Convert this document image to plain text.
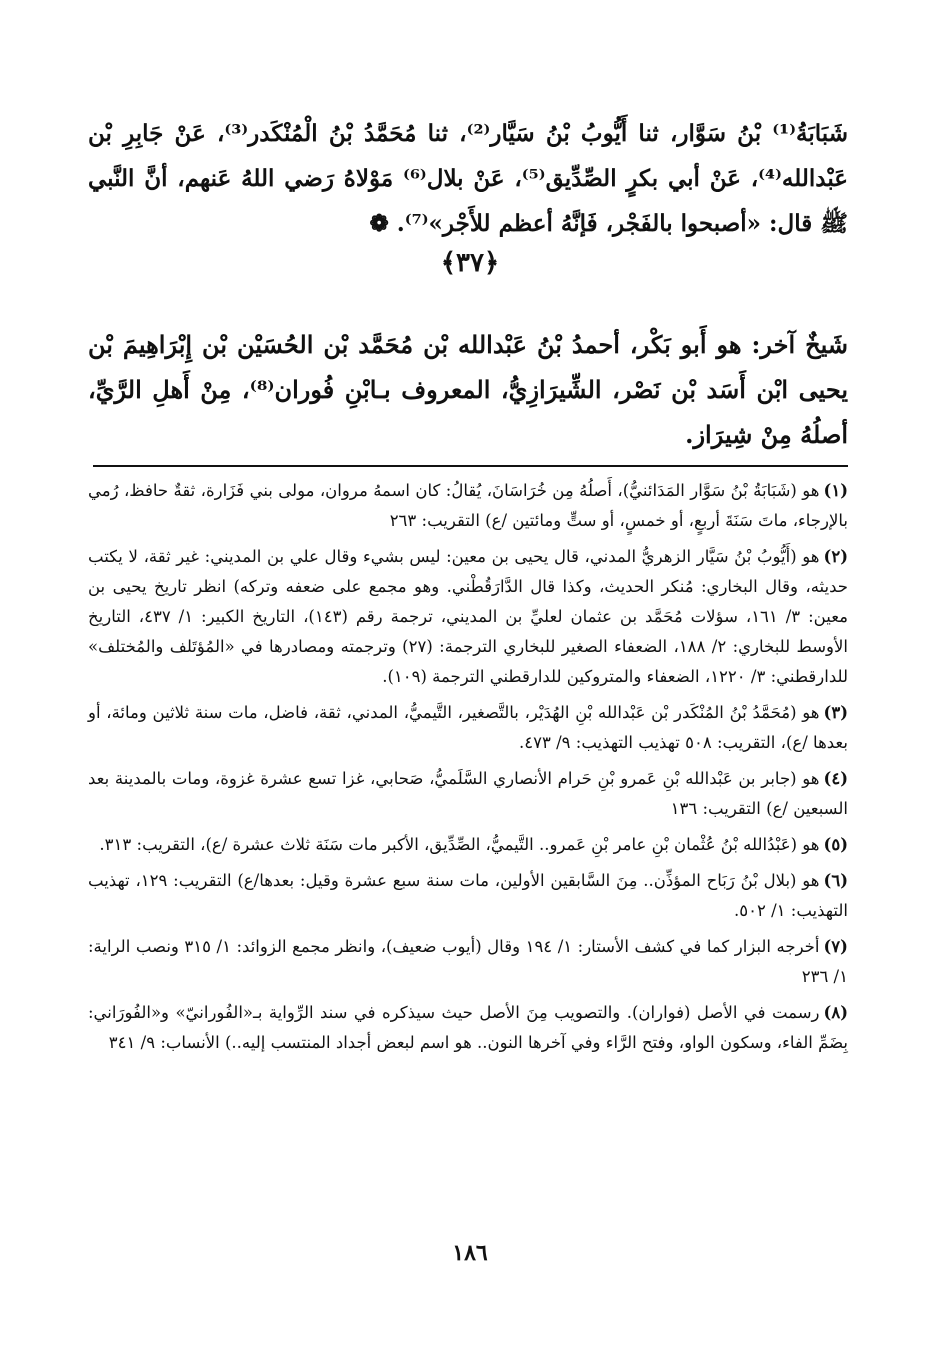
شَبَابَةُ⁽¹⁾ بْنُ سَوَّار، ثنا أَيُّوبُ بْنُ سَيَّار⁽²⁾، ثنا مُحَمَّدُ بْنُ الْمُنْكَدر⁽³⁾، عَنْ جَابِرِ بْن عَبْدالله⁽⁴⁾، عَنْ أبي بكرٍ الصِّدِّيق⁽⁵⁾، عَنْ بلال⁽⁶⁾ مَوْلاهُ رَضي اللهُ عَنهم، أنَّ النَّبي ﷺ قال: «أصبحوا بالفَجْر، فَإنَّهُ أعظم للأَجْر»⁽⁷⁾. ❁

﴿٣٧﴾

شَيخٌ آخر: هو أَبو بَكْر، أحمدُ بْنُ عَبْدالله بْن مُحَمَّد بْن الحُسَيْن بْن إِبْرَاهِيمَ بْن يحيى ابْن أَسَد بْن نَصْر، الشِّيرَازِيُّ، المعروف بـابْنِ فُوران⁽⁸⁾، مِنْ أَهلِ الرَّيِّ، أصلُهُ مِنْ شِيرَاز.

(١)هو (شَبَابَةُ بْنُ سَوَّار المَدَائنيُّ)، أَصلُهُ مِن خُرَاسَانَ، يُقالُ: كان اسمهُ مروان، مولى بني فَزَارة، ثقةٌ حافظ، رُمي بالإرجاء، ماتَ سَنَةَ أربعٍ، أو خمسٍ، أو ستٍّ ومائتين /ع) التقريب: ٢٦٣

(٢)هو (أَيُّوبُ بْنُ سَيَّار الزهريُّ المدني، قال يحيى بن معين: ليس بشيء وقال علي بن المديني: غير ثقة، لا يكتب حديثه، وقال البخاري: مُنكر الحديث، وكذا قال الدَّارَقُطْني. وهو مجمع على ضعفه وتركه) انظر تاريخ يحيى بن معين: ٣/ ١٦١، سؤلات مُحَمَّد بن عثمان لعليِّ بن المديني، ترجمة رقم (١٤٣)، التاريخ الكبير: ١/ ٤٣٧، التاريخ الأوسط للبخاري: ٢/ ١٨٨، الضعفاء الصغير للبخاري الترجمة: (٢٧) وترجمته ومصادرها في «المُؤتَلف والمُختلف» للدارقطني: ٣/ ١٢٢٠، الضعفاء والمتروكين للدارقطني الترجمة (١٠٩).

(٣)هو (مُحَمَّدُ بْنُ المُنْكَدر بْن عَبْدالله بْنِ الهُدَيْر، بالتَّصغير، التَّيميُّ، المدني، ثقة، فاضل، مات سنة ثلاثين ومائة، أو بعدها /ع)، التقريب: ٥٠٨ تهذيب التهذيب: ٩/ ٤٧٣.

(٤)هو (جابر بن عَبْدالله بْنِ عَمرو بْنِ حَرام الأنصاري السَّلَميُّ، صَحابي، غزا تسع عشرة غزوة، ومات بالمدينة بعد السبعين /ع) التقريب: ١٣٦

(٥)هو (عَبْدُالله بْنُ عُثْمان بْنِ عامر بْنِ عَمرو.. التَّيميُّ، الصِّدِّيق، الأكبر مات سَنَة ثلاث عشرة /ع)، التقريب: ٣١٣.

(٦)هو (بلال بْنُ رَبَاح المؤذِّن.. مِنَ السَّابقين الأولين، مات سنة سبع عشرة وقيل: بعدها/ع) التقريب: ١٢٩، تهذيب التهذيب: ١/ ٥٠٢.

(٧)أخرجه البزار كما في كشف الأستار: ١/ ١٩٤ وقال (أيوب ضعيف)، وانظر مجمع الزوائد: ١/ ٣١٥ ونصب الراية: ١/ ٢٣٦

(٨)رسمت في الأصل (فواران). والتصويب مِنَ الأصل حيث سيذكره في سند الرِّواية بـ«الفُورانيّ» و«الفُورَاني: بِضَمِّ الفاء، وسكون الواو، وفتح الرَّاء وفي آخرها النون.. هو اسم لبعض أجداد المنتسب إليه..) الأنساب: ٩/ ٣٤١

١٨٦
